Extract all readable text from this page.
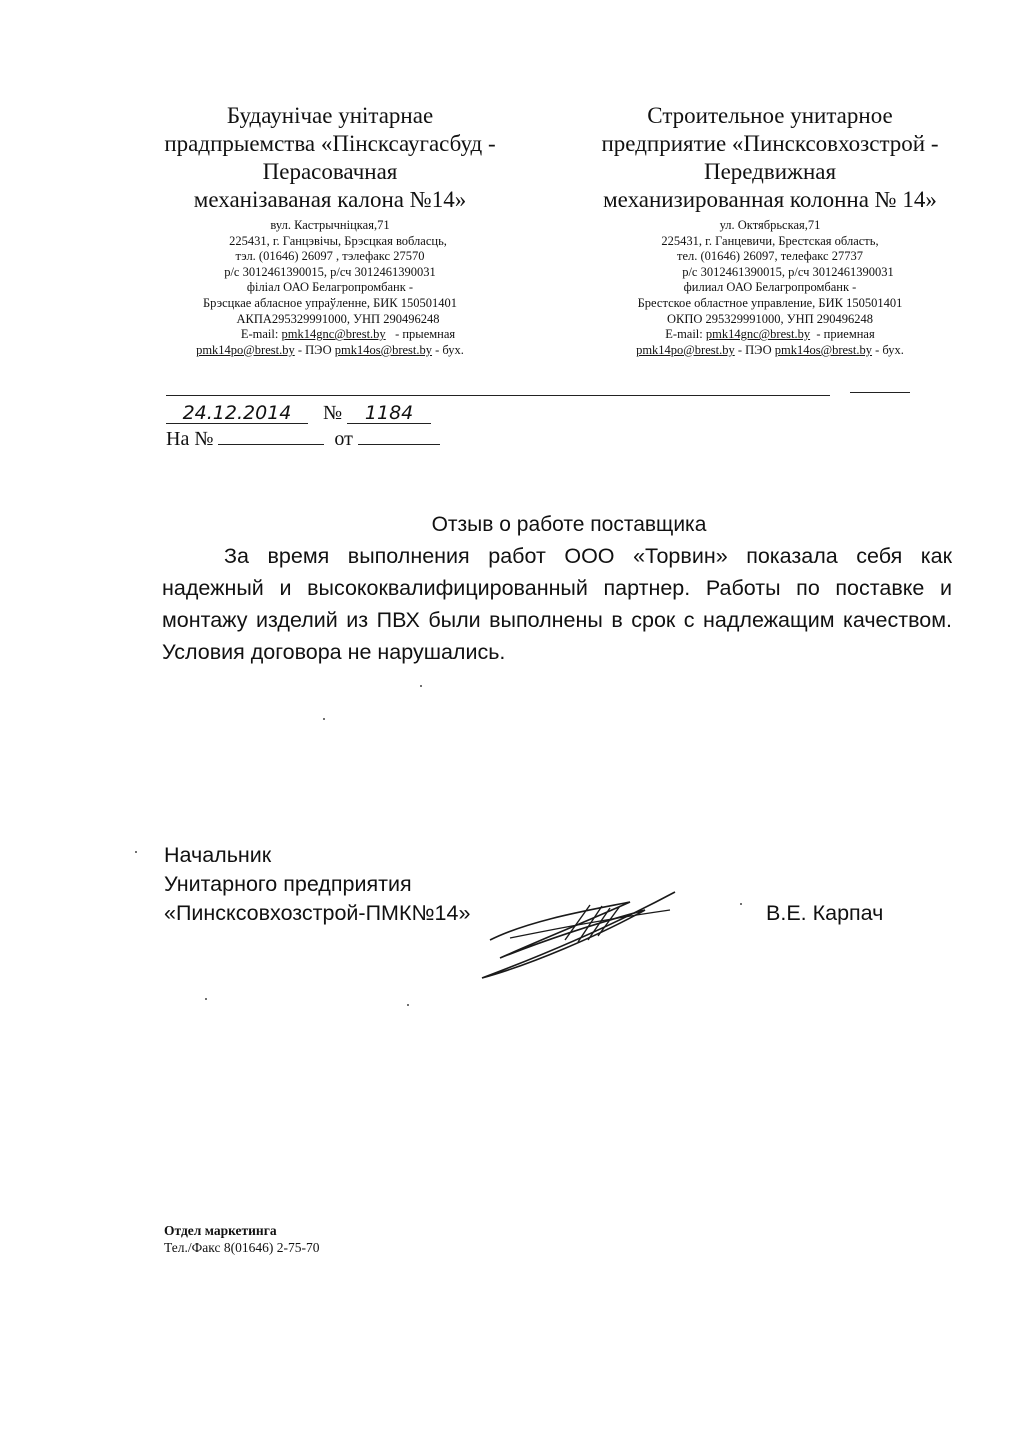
Будаунічае унітарнае
прадпрыемства «Пінсксаугасбуд -
Перасовачная
механізаваная калона №14»
вул. Кастрычніцкая,71
225431, г. Ганцэвічы, Брэсцкая вобласць,
тэл. (01646) 26097 , тэлефакс 27570
р/с 3012461390015, р/сч 3012461390031
філіал ОАО Белагропромбанк -
Брэсцкае абласное упраўленне, БИК 150501401
АКПА295329991000, УНП 290496248
E-mail: pmk14gnc@brest.by - прыемная
pmk14po@brest.by - ПЭО pmk14os@brest.by - бух.
Строительное унитарное
предприятие «Пинсксовхозстрой -
Передвижная
механизированная колонна № 14»
ул. Октябрьская,71
225431, г. Ганцевичи, Брестская область,
тел. (01646) 26097, телефакс 27737
р/с 3012461390015, р/сч 3012461390031
филиал ОАО Белагропромбанк -
Брестское областное управление, БИК 150501401
ОКПО 295329991000, УНП 290496248
E-mail: pmk14gnc@brest.by - приемная
pmk14po@brest.by - ПЭО pmk14os@brest.by - бух.
24.12.2014 № 1184
На №	от
Отзыв о работе поставщика
За время выполнения работ ООО «Торвин» показала себя как надежный и высококвалифицированный партнер. Работы по поставке и монтажу изделий из ПВХ были выполнены в срок с надлежащим качеством. Условия договора не нарушались.
Начальник
Унитарного предприятия
«Пинсксовхозстрой-ПМК№14»	В.Е. Карпач
Отдел маркетинга
Тел./Факс 8(01646) 2-75-70
